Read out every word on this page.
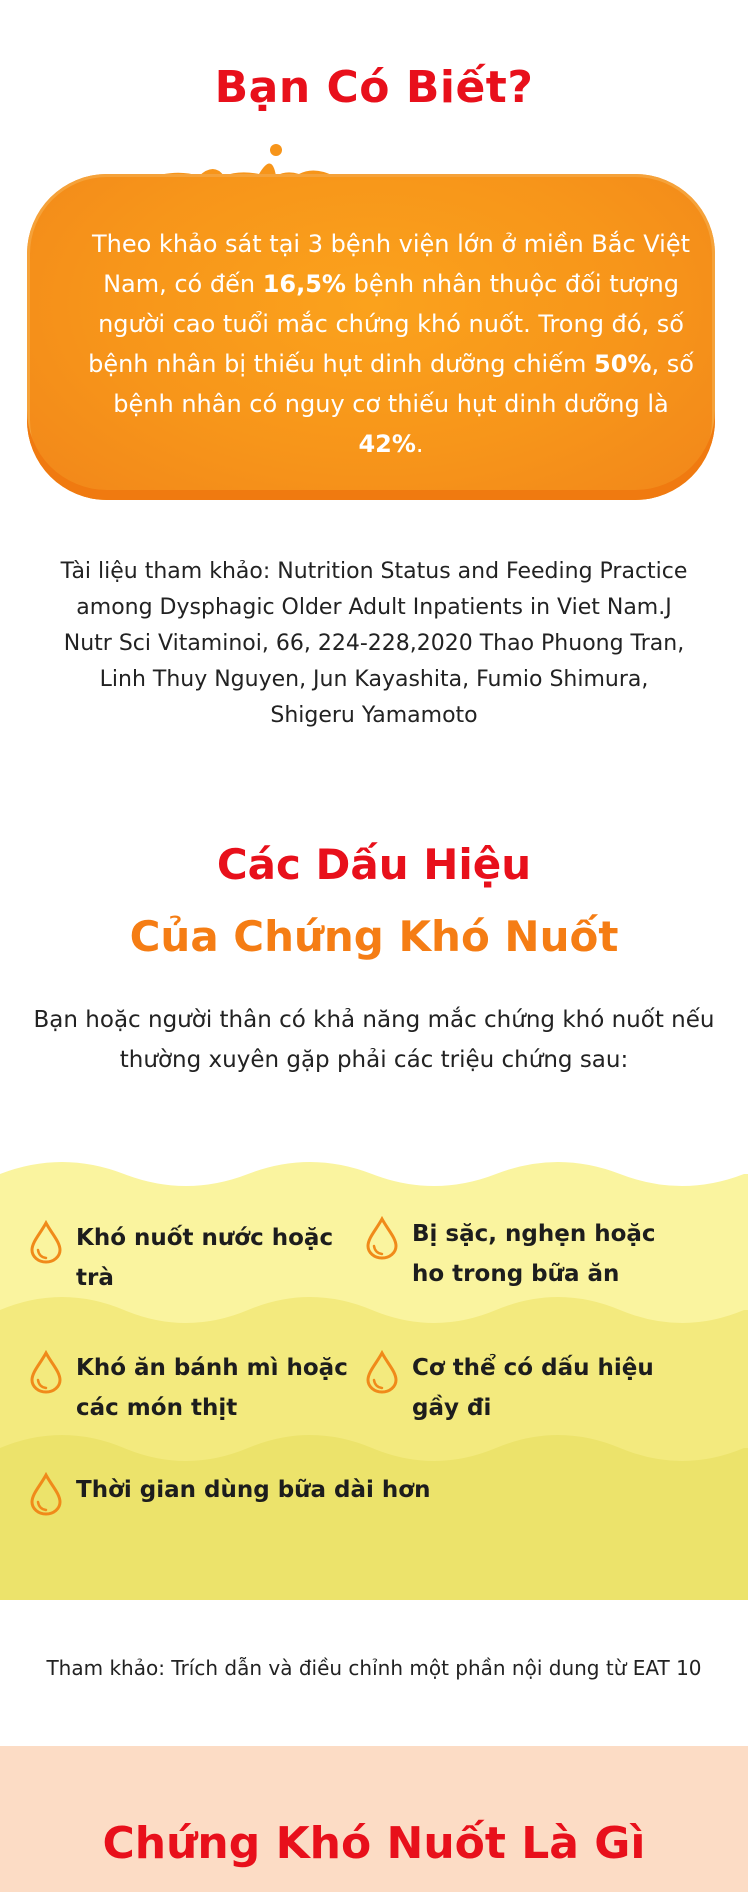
Bạn Có Biết?
Theo khảo sát tại 3 bệnh viện lớn ở miền Bắc Việt Nam, có đến 16,5% bệnh nhân thuộc đối tượng người cao tuổi mắc chứng khó nuốt. Trong đó, số bệnh nhân bị thiếu hụt dinh dưỡng chiếm 50%, số bệnh nhân có nguy cơ thiếu hụt dinh dưỡng là 42%.
Tài liệu tham khảo: Nutrition Status and Feeding Practice among Dysphagic Older Adult Inpatients in Viet Nam.J Nutr Sci Vitaminoi, 66, 224-228,2020 Thao Phuong Tran, Linh Thuy Nguyen, Jun Kayashita, Fumio Shimura, Shigeru Yamamoto
Các Dấu Hiệu
Của Chứng Khó Nuốt
Bạn hoặc người thân có khả năng mắc chứng khó nuốt nếu thường xuyên gặp phải các triệu chứng sau:
Khó nuốt nước hoặc trà
Bị sặc, nghẹn hoặc ho trong bữa ăn
Khó ăn bánh mì hoặc các món thịt
Cơ thể có dấu hiệu gầy đi
Thời gian dùng bữa dài hơn
Tham khảo: Trích dẫn và điều chỉnh một phần nội dung từ EAT 10
Chứng Khó Nuốt Là Gì
